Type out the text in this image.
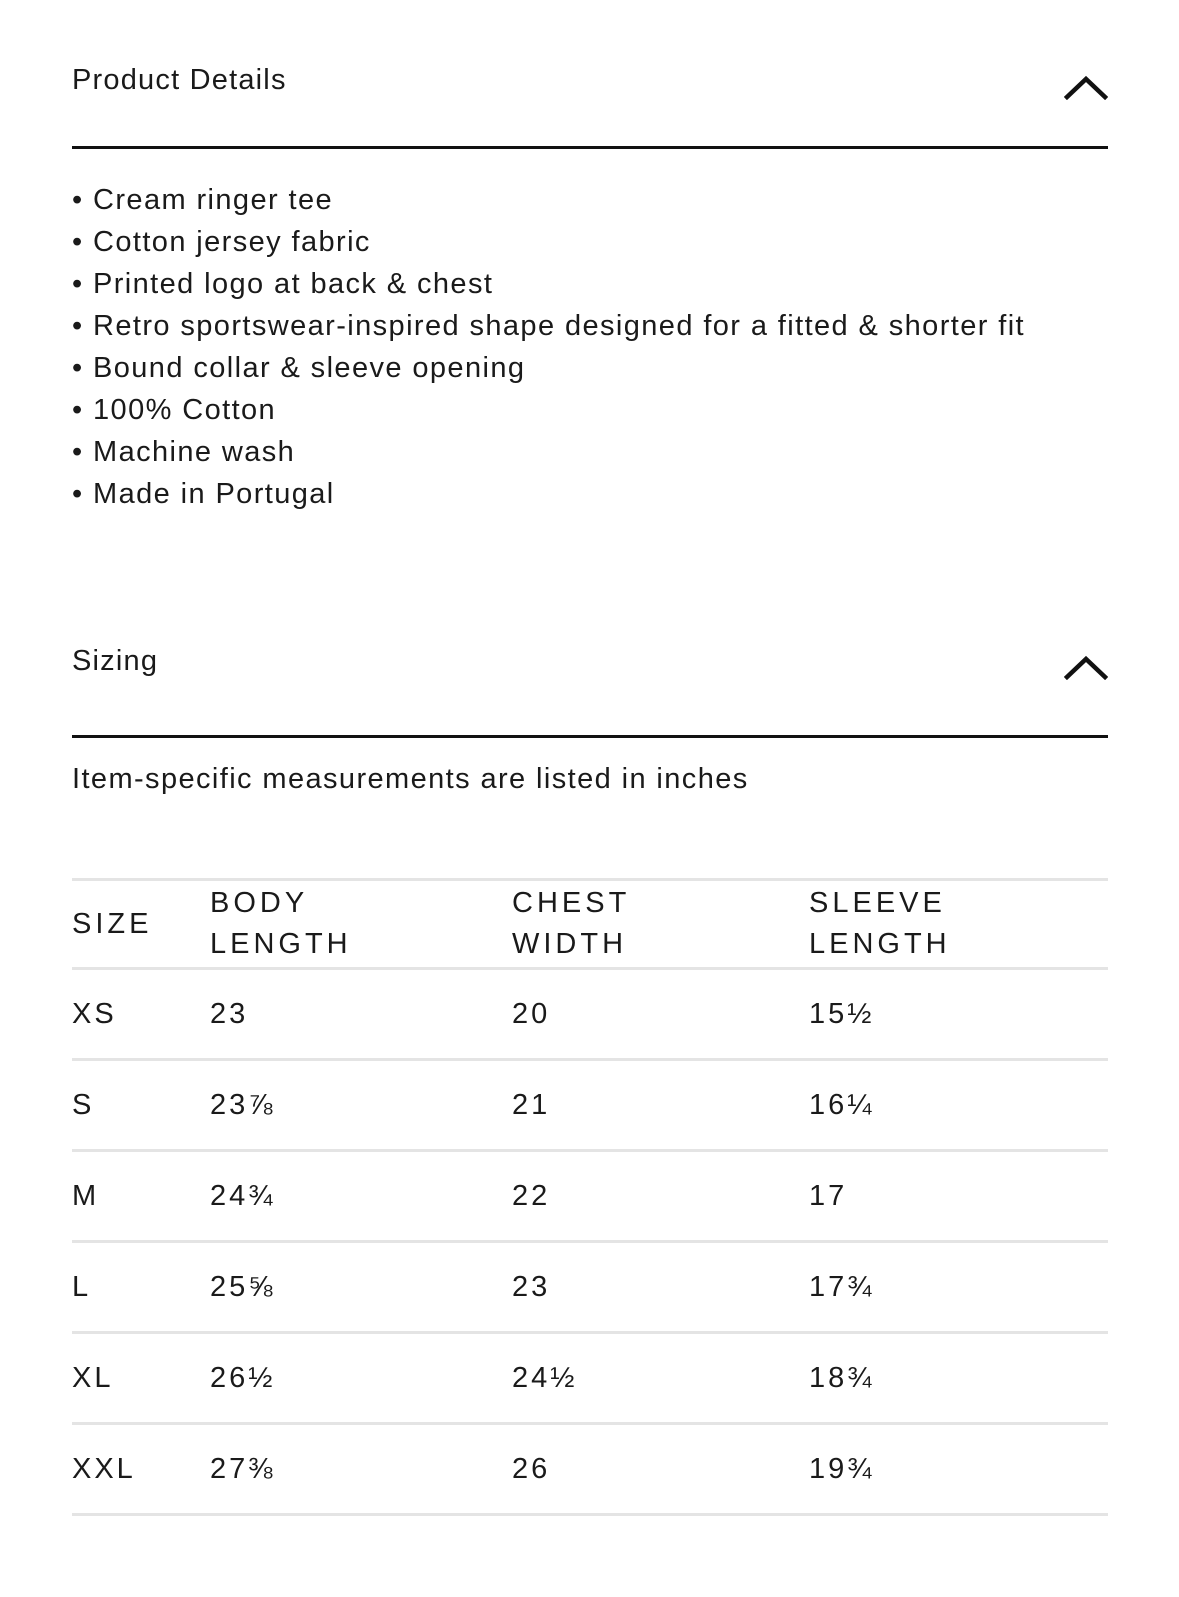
Product Details
• Cream ringer tee
• Cotton jersey fabric
• Printed logo at back & chest
• Retro sportswear-inspired shape designed for a fitted & shorter fit
• Bound collar & sleeve opening
• 100% Cotton
• Machine wash
• Made in Portugal
Sizing
Item-specific measurements are listed in inches
SIZE	BODY LENGTH	CHEST WIDTH	SLEEVE LENGTH
XS	23	20	15½
S	23⅞	21	16¼
M	24¾	22	17
L	25⅝	23	17¾
XL	26½	24½	18¾
XXL	27⅜	26	19¾
